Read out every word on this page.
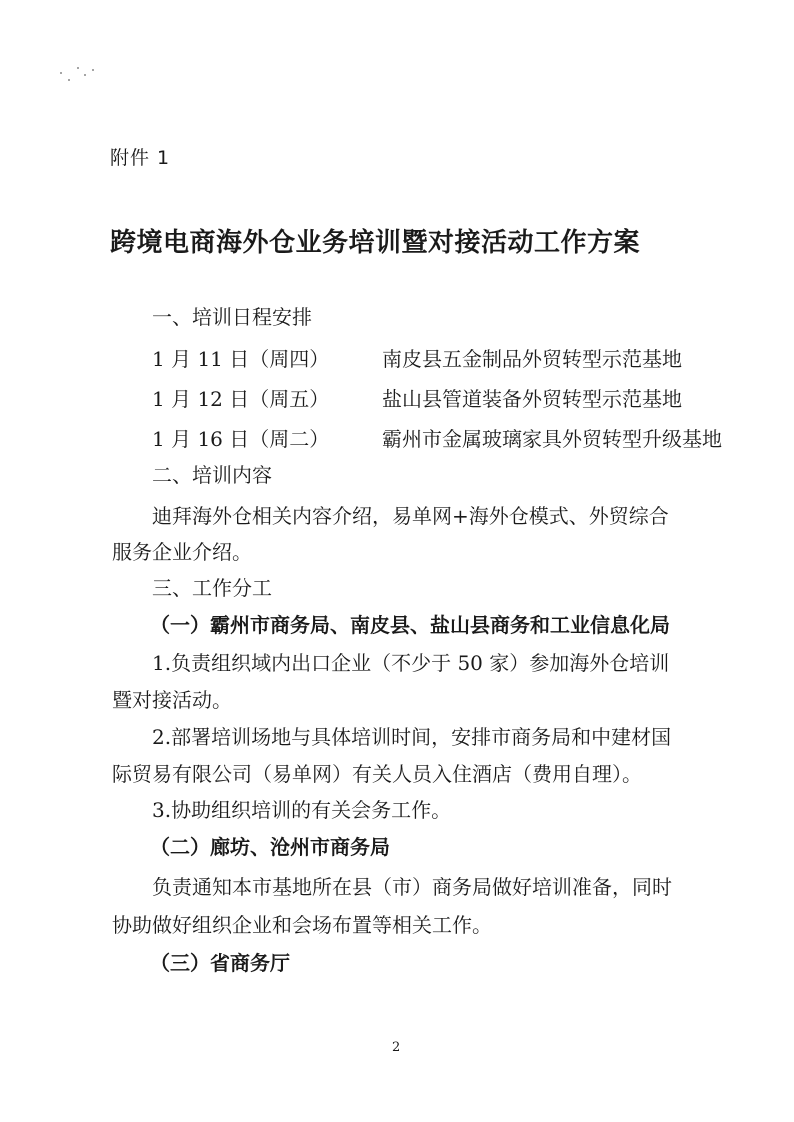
附件 1
跨境电商海外仓业务培训暨对接活动工作方案
一、培训日程安排
1 月 11 日（周四）	南皮县五金制品外贸转型示范基地
1 月 12 日（周五）	盐山县管道装备外贸转型示范基地
1 月 16 日（周二）	霸州市金属玻璃家具外贸转型升级基地
二、培训内容
迪拜海外仓相关内容介绍，易单网+海外仓模式、外贸综合
服务企业介绍。
三、工作分工
（一）霸州市商务局、南皮县、盐山县商务和工业信息化局
1.负责组织域内出口企业（不少于 50 家）参加海外仓培训
暨对接活动。
2.部署培训场地与具体培训时间，安排市商务局和中建材国
际贸易有限公司（易单网）有关人员入住酒店（费用自理）。
3.协助组织培训的有关会务工作。
（二）廊坊、沧州市商务局
负责通知本市基地所在县（市）商务局做好培训准备，同时
协助做好组织企业和会场布置等相关工作。
（三）省商务厅
2
